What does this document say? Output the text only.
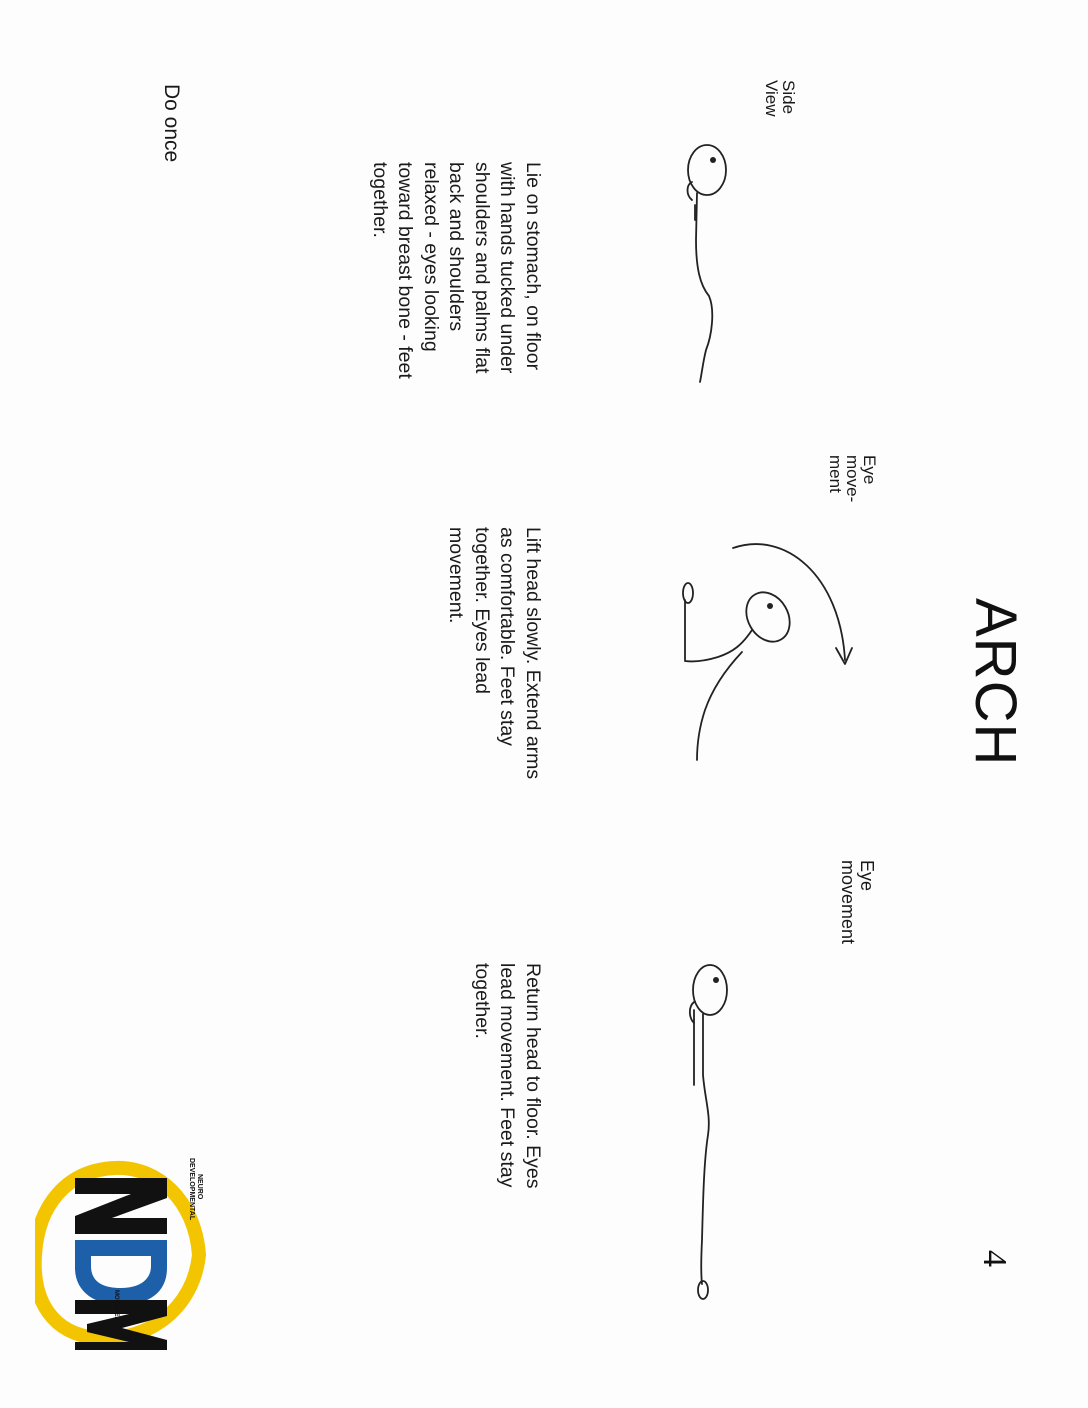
ARCH
4
Side
View
Eye
move-
ment
Eye
movement
Lie on stomach, on floor
with hands tucked under
shoulders and palms flat
back and shoulders
relaxed - eyes looking
toward breast bone - feet
together.
Lift head slowly. Extend arms
as comfortable. Feet stay
together. Eyes lead
movement.
Return head to floor. Eyes
lead movement. Feet stay
together.
Do once
NEURO
DEVELOPMENTAL
MOVEMENT
